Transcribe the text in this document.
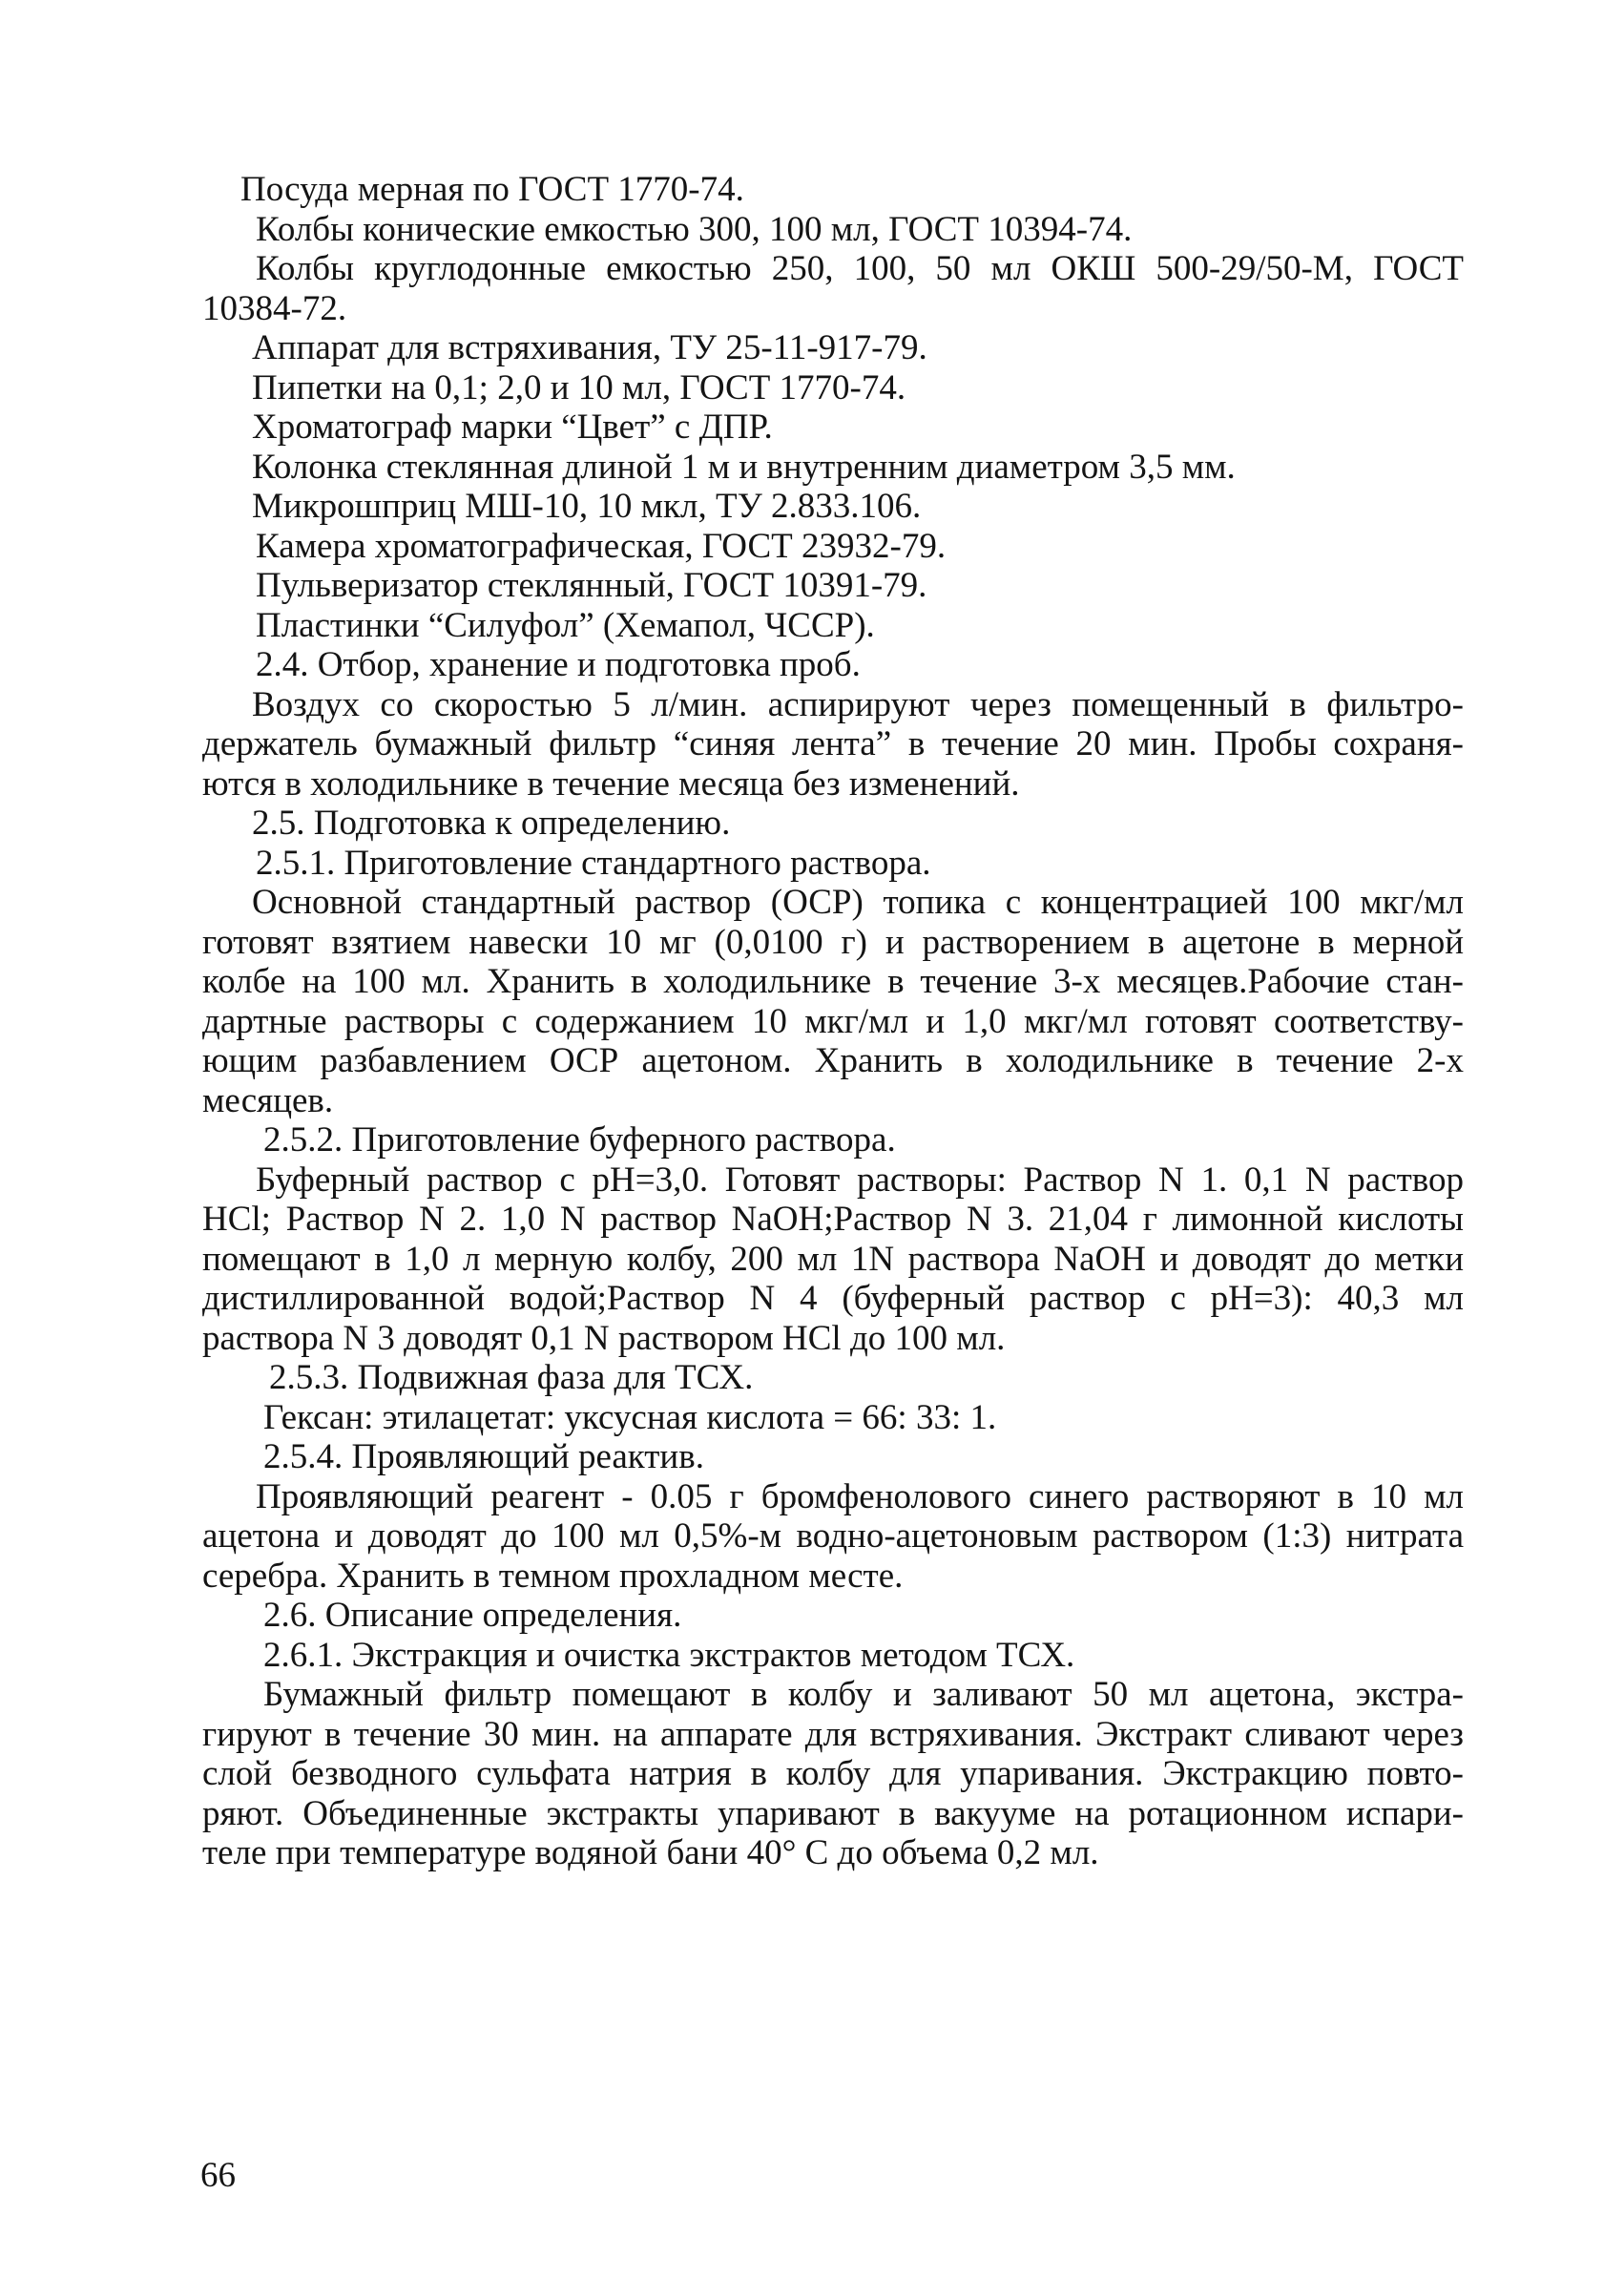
Посуда мерная по ГОСТ 1770-74.
Колбы конические емкостью 300, 100 мл, ГОСТ 10394-74.
Колбы круглодонные емкостью 250, 100, 50 мл ОКШ 500-29/50-М, ГОСТ
10384-72.
Аппарат для встряхивания, ТУ 25-11-917-79.
Пипетки на 0,1; 2,0 и 10 мл, ГОСТ 1770-74.
Хроматограф марки “Цвет” с ДПР.
Колонка стеклянная длиной 1 м и внутренним диаметром 3,5 мм.
Микрошприц МШ-10, 10 мкл, ТУ 2.833.106.
Камера хроматографическая, ГОСТ 23932-79.
Пульверизатор стеклянный, ГОСТ 10391-79.
Пластинки “Силуфол” (Хемапол, ЧССР).
2.4. Отбор, хранение и подготовка проб.
Воздух со скоростью 5 л/мин. аспирируют через помещенный в фильтро-
держатель бумажный фильтр “синяя лента” в течение 20 мин. Пробы сохраня-
ются в холодильнике в течение месяца без изменений.
2.5. Подготовка к определению.
2.5.1. Приготовление стандартного раствора.
Основной стандартный раствор (ОСР) топика с концентрацией 100 мкг/мл
готовят взятием навески 10 мг (0,0100 г) и растворением в ацетоне в мерной
колбе на 100 мл. Хранить в холодильнике в течение 3-х месяцев.Рабочие стан-
дартные растворы с содержанием 10 мкг/мл и 1,0 мкг/мл готовят соответству-
ющим разбавлением ОСР ацетоном. Хранить в холодильнике в течение 2-х
месяцев.
2.5.2. Приготовление буферного раствора.
Буферный раствор с рН=3,0. Готовят растворы: Раствор N 1. 0,1 N раствор
HCl; Раствор N 2. 1,0 N раствор NaOH;Раствор N 3. 21,04 г лимонной кислоты
помещают в 1,0 л мерную колбу, 200 мл 1N раствора NaOH и доводят до метки
дистиллированной водой;Раствор N 4 (буферный раствор с рН=3): 40,3 мл
раствора N 3 доводят 0,1 N раствором HCl до 100 мл.
2.5.3. Подвижная фаза для ТСХ.
Гексан: этилацетат: уксусная кислота = 66: 33: 1.
2.5.4. Проявляющий реактив.
Проявляющий реагент - 0.05 г бромфенолового синего растворяют в 10 мл
ацетона и доводят до 100 мл 0,5%-м водно-ацетоновым раствором (1:3) нитрата
серебра. Хранить в темном прохладном месте.
2.6. Описание определения.
2.6.1. Экстракция и очистка экстрактов методом ТСХ.
Бумажный фильтр помещают в колбу и заливают 50 мл ацетона, экстра-
гируют в течение 30 мин. на аппарате для встряхивания. Экстракт сливают через
слой безводного сульфата натрия в колбу для упаривания. Экстракцию повто-
ряют. Объединенные экстракты упаривают в вакууме на ротационном испари-
теле при температуре водяной бани 40° С до объема 0,2 мл.
66
